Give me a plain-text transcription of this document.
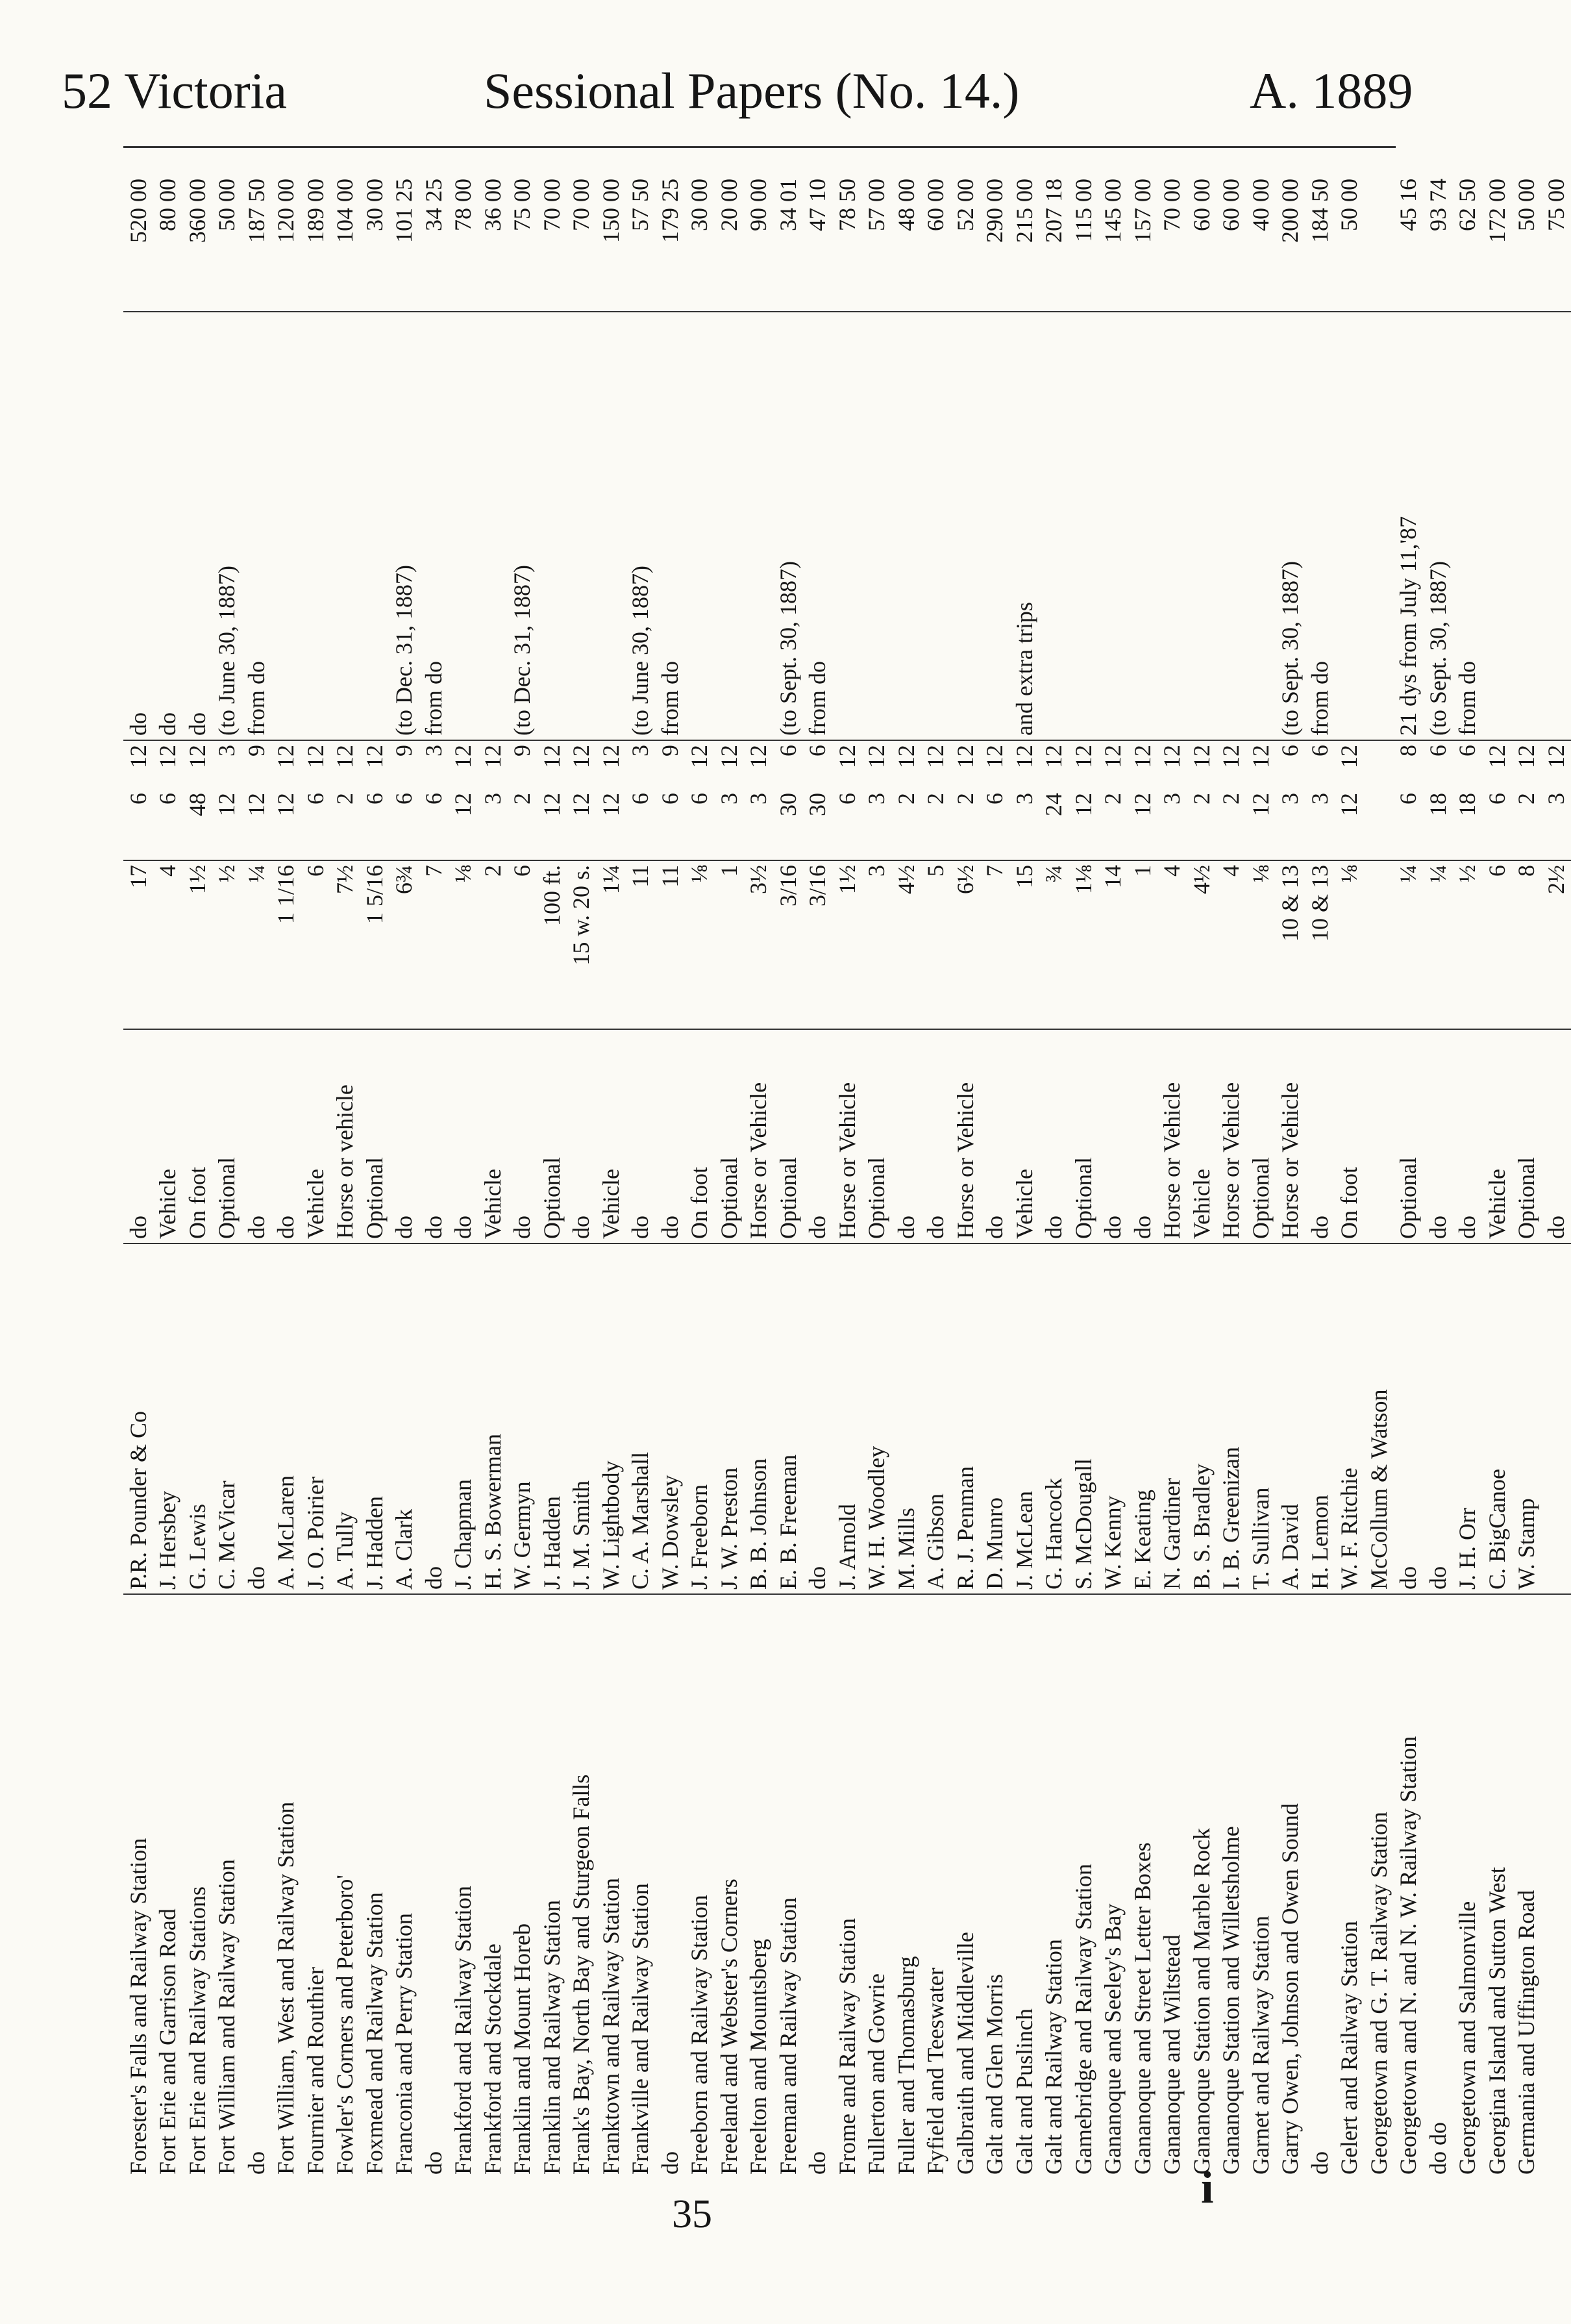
52 Victoria	Sessional Papers (No. 14.)	A. 1889
Forester's Falls and Railway Station	P.R. Pounder & Co	do	17	6	12	do	520 00
Fort Erie and Garrison Road	J. Hersbey	Vehicle	4	6	12	do	80 00
Fort Erie and Railway Stations	G. Lewis	On foot	1½	48	12	do	360 00
Fort William and Railway Station	C. McVicar	Optional	½	12	3	(to June 30, 1887)	50 00
do	do	do	¼	12	9	from do	187 50
Fort William, West and Railway Station	A. McLaren	do	1 1/16	12	12		120 00
Fournier and Routhier	J. O. Poirier	Vehicle	6	6	12		189 00
Fowler's Corners and Peterboro'	A. Tully	Horse or vehicle	7½	2	12		104 00
Foxmead and Railway Station	J. Hadden	Optional	1 5/16	6	12		30 00
Franconia and Perry Station	A. Clark	do	6¾	6	9	(to Dec. 31, 1887)	101 25
do	do	do	7	6	3	from do	34 25
Frankford and Railway Station	J. Chapman	do	⅛	12	12		78 00
Frankford and Stockdale	H. S. Bowerman	Vehicle	2	3	12		36 00
Franklin and Mount Horeb	W. Germyn	do	6	2	9	(to Dec. 31, 1887)	75 00
Franklin and Railway Station	J. Hadden	Optional	100 ft.	12	12		70 00
Frank's Bay, North Bay and Sturgeon Falls	J. M. Smith	do	15 w. 20 s.	12	12		70 00
Franktown and Railway Station	W. Lightbody	Vehicle	1¼	12	12		150 00
Frankville and Railway Station	C. A. Marshall	do	11	6	3	(to June 30, 1887)	57 50
do	W. Dowsley	do	11	6	9	from do	179 25
Freeborn and Railway Station	J. Freeborn	On foot	⅛	6	12		30 00
Freeland and Webster's Corners	J. W. Preston	Optional	1	3	12		20 00
Freelton and Mountsberg	B. B. Johnson	Horse or Vehicle	3½	3	12		90 00
Freeman and Railway Station	E. B. Freeman	Optional	3/16	30	6	(to Sept. 30, 1887)	34 01
do	do	do	3/16	30	6	from do	47 10
Frome and Railway Station	J. Arnold	Horse or Vehicle	1½	6	12		78 50
Fullerton and Gowrie	W. H. Woodley	Optional	3	3	12		57 00
Fuller and Thomasburg	M. Mills	do	4½	2	12		48 00
Fyfield and Teeswater	A. Gibson	do	5	2	12		60 00
Galbraith and Middleville	R. J. Penman	Horse or Vehicle	6½	2	12		52 00
Galt and Glen Morris	D. Munro	do	7	6	12		290 00
Galt and Puslinch	J. McLean	Vehicle	15	3	12	and extra trips	215 00
Galt and Railway Station	G. Hancock	do	¾	24	12		207 18
Gamebridge and Railway Station	S. McDougall	Optional	1⅛	12	12		115 00
Gananoque and Seeley's Bay	W. Kenny	do	14	2	12		145 00
Gananoque and Street Letter Boxes	E. Keating	do	1	12	12		157 00
Gananoque and Wiltstead	N. Gardiner	Horse or Vehicle	4	3	12		70 00
Gananoque Station and Marble Rock	B. S. Bradley	Vehicle	4½	2	12		60 00
Gananoque Station and Willetsholme	I. B. Greenizan	Horse or Vehicle	4	2	12		60 00
Garnet and Railway Station	T. Sullivan	Optional	⅛	12	12		40 00
Garry Owen, Johnson and Owen Sound	A. David	Horse or Vehicle	10 & 13	3	6	(to Sept. 30, 1887)	200 00
do	H. Lemon	do	10 & 13	3	6	from do	184 50
Gelert and Railway Station	W. F. Ritchie	On foot	⅛	12	12		50 00
Georgetown and G. T. Railway Station	McCollum & Watson						
Georgetown and N. and N. W. Railway Station	do	Optional	¼	6	8	21 dys from July 11,'87	45 16
do do	do	do	¼	18	6	(to Sept. 30, 1887)	93 74
Georgetown and Salmonville	J. H. Orr	do	½	18	6	from do	62 50
Georgina Island and Sutton West	C. BigCanoe	Vehicle	6	6	12		172 00
Germania and Uffington Road	W. Stamp	Optional	8	2	12		50 00
		do	2½	3	12		75 00
35
i
